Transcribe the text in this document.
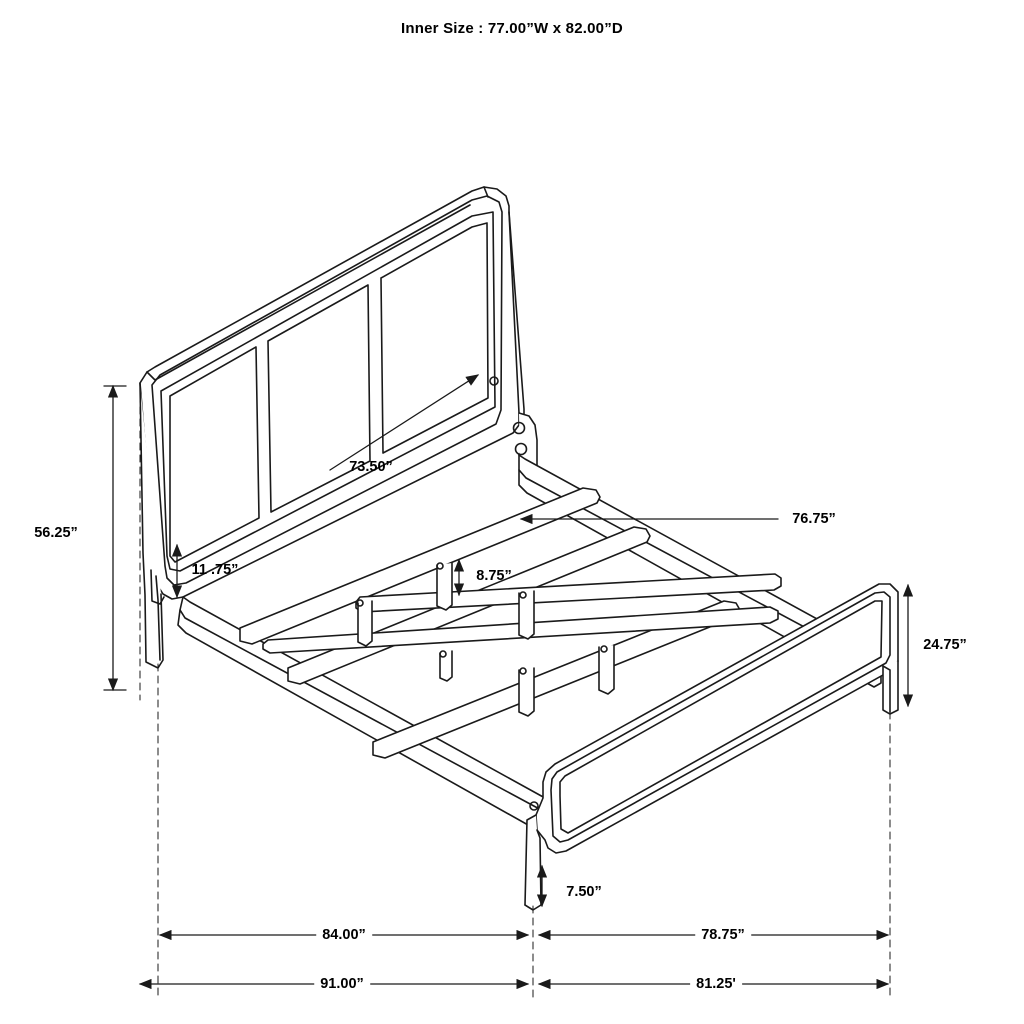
Inner Size : 77.00”W x 82.00”D
56.25”
73.50”
76.75”
11 .75”	8.75”
24.75”
7.50”
84.00”	78.75”
91.00”	81.25'
